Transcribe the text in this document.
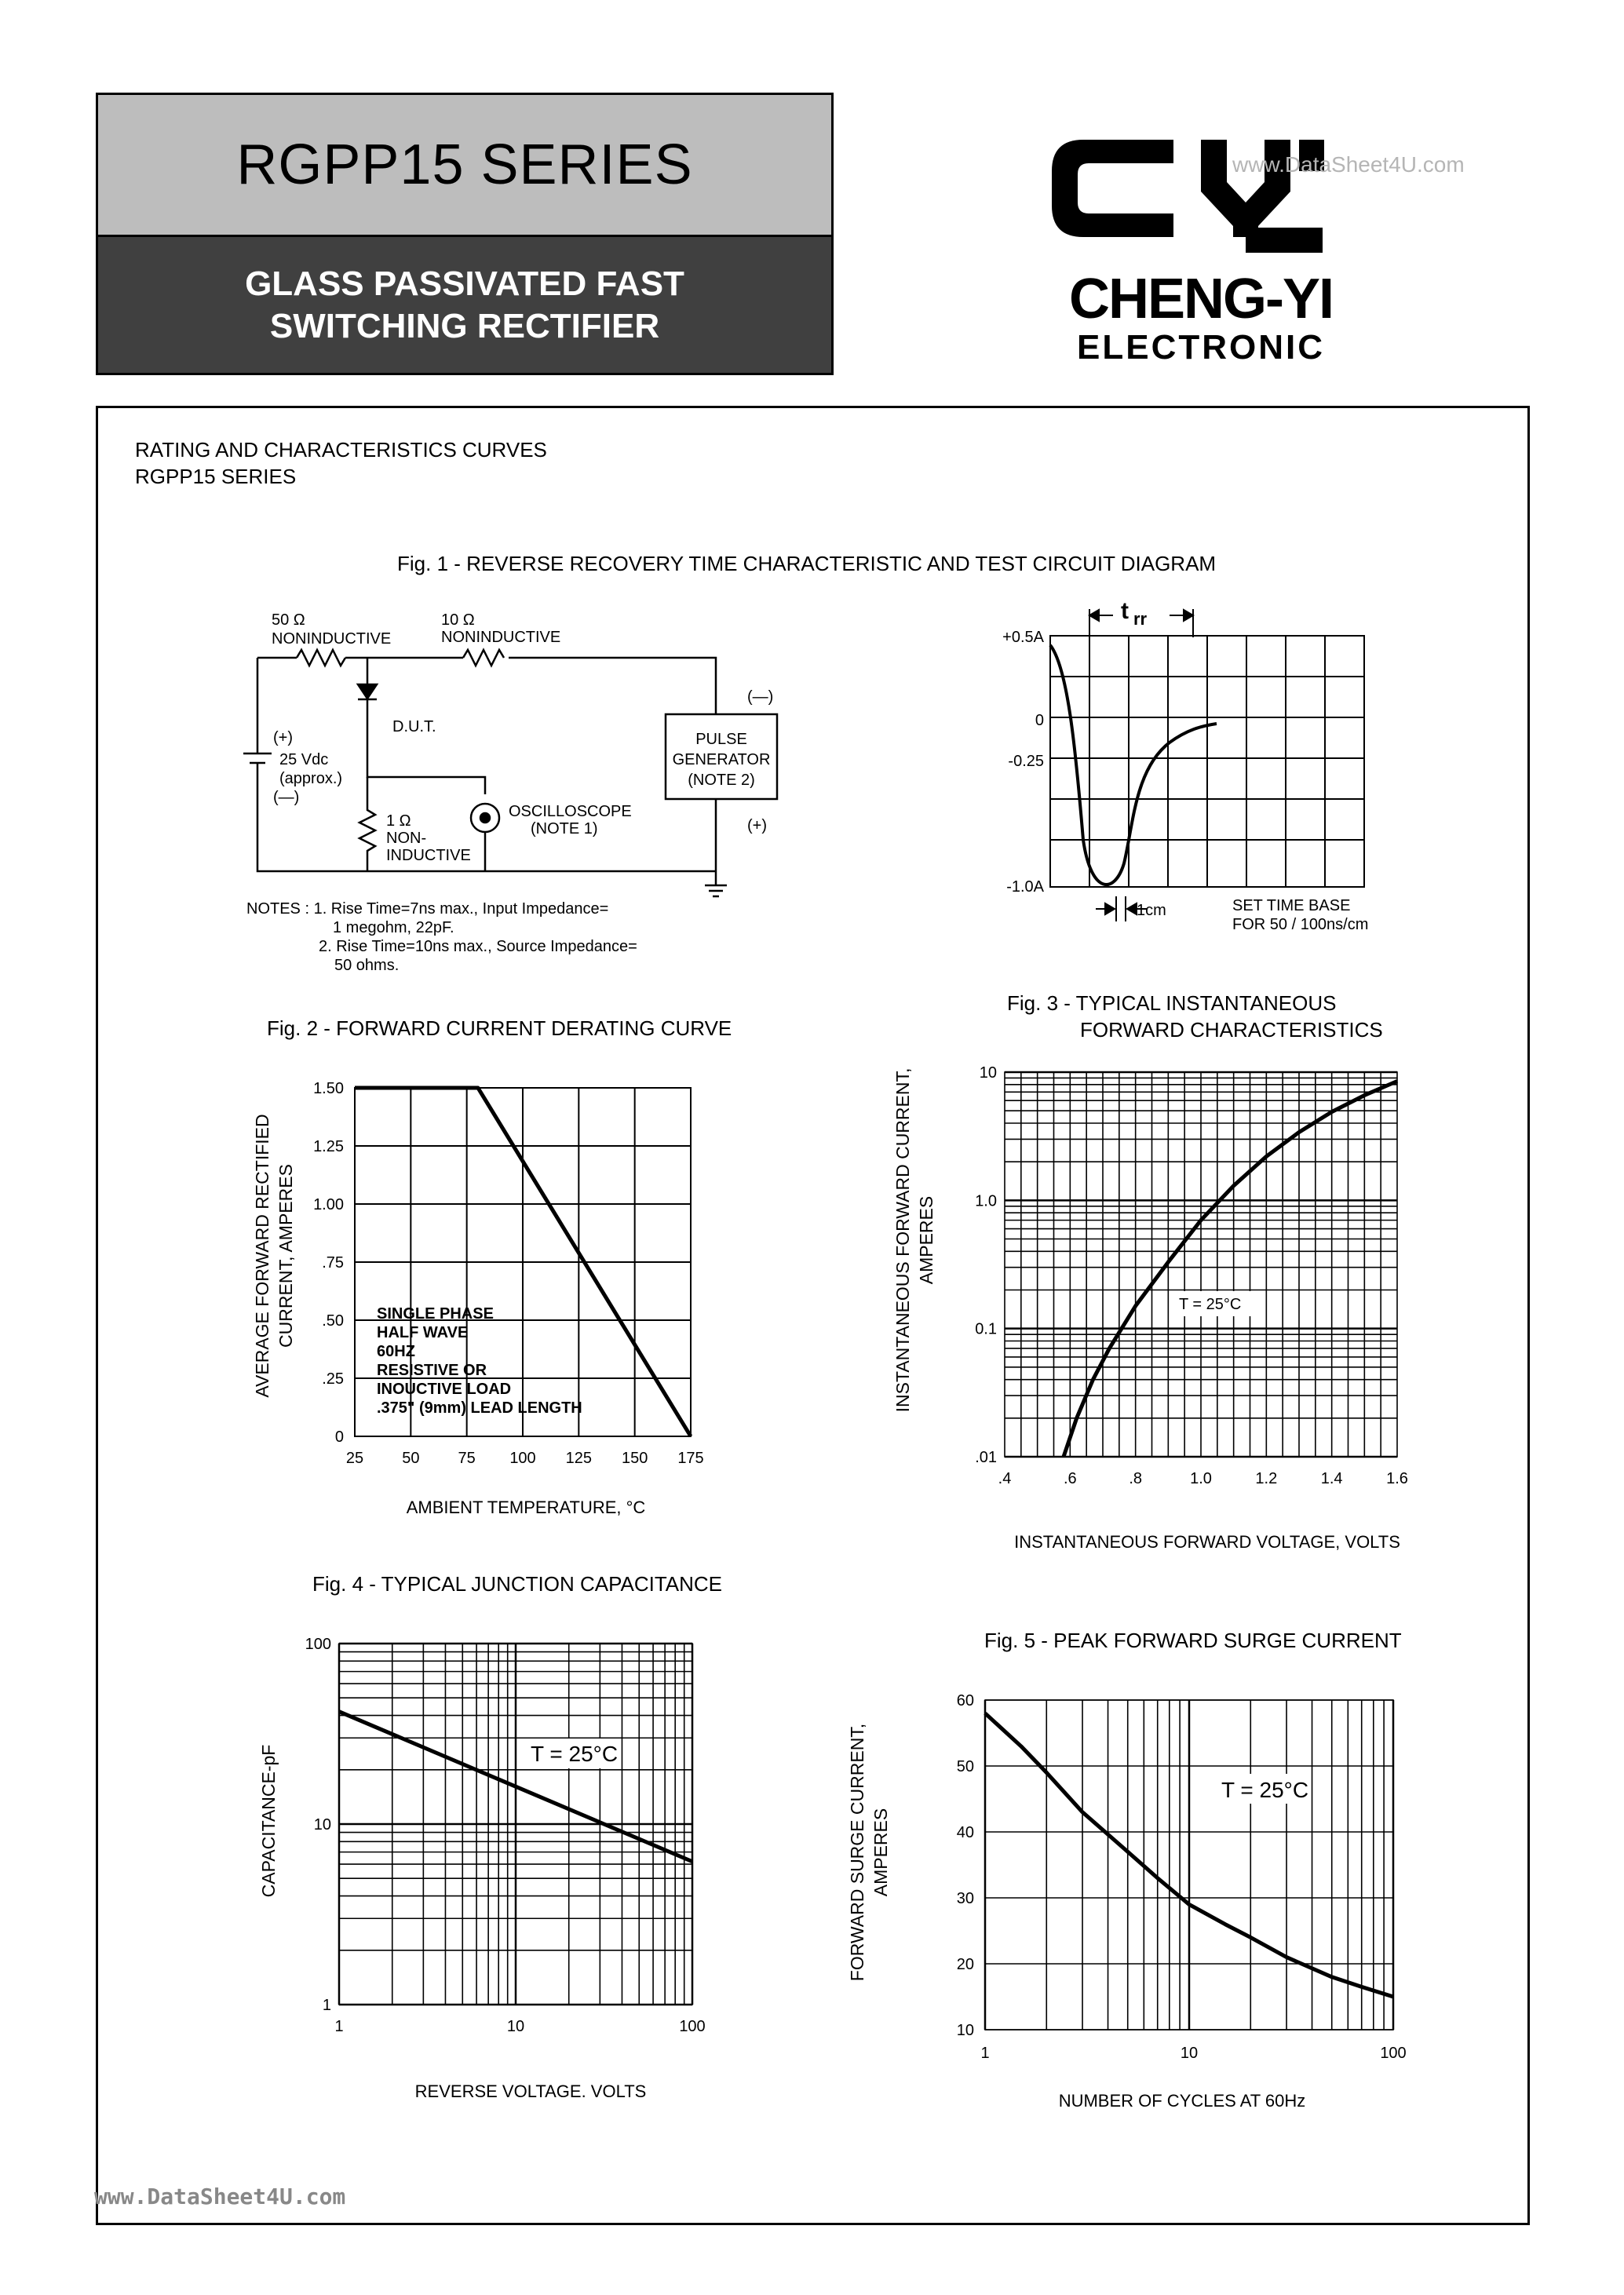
RGPP15 SERIES
GLASS PASSIVATED FAST
SWITCHING RECTIFIER
www.DataSheet4U.com
CHENG-YI
ELECTRONIC
RATING AND CHARACTERISTICS CURVES
RGPP15 SERIES
Fig. 1 - REVERSE RECOVERY TIME CHARACTERISTIC AND TEST CIRCUIT DIAGRAM
50 Ω
NONINDUCTIVE
10 Ω
NONINDUCTIVE
D.U.T.
(+)
25 Vdc
(approx.)
(—)
1 Ω
NON-
INDUCTIVE
OSCILLOSCOPE
(NOTE 1)
(—)
PULSE
GENERATOR
(NOTE 2)
(+)
NOTES : 1. Rise Time=7ns max., Input Impedance=
1 megohm, 22pF.
2. Rise Time=10ns max., Source Impedance=
50 ohms.
t rr
+0.5A
0
-0.25
-1.0A
1cm	SET TIME BASE
FOR 50 / 100ns/cm
Fig. 2 - FORWARD CURRENT DERATING CURVE
25 50 75 100 125 150 175
0
.25
.50
.75
1.00
1.25
1.50
AVERAGE FORWARD RECTIFIED CURRENT, AMPERES
AMBIENT TEMPERATURE, °C
SINGLE PHASE
HALF WAVE
60HZ
RESISTIVE OR
INOUCTIVE LOAD
.375" (9mm) LEAD LENGTH
Fig. 3 - TYPICAL INSTANTANEOUS
FORWARD CHARACTERISTICS
.4	.6	.8	1.0	1.2	1.4	1.6
.01
0.1
1.0
10
INSTANTANEOUS FORWARD CURRENT, AMPERES
INSTANTANEOUS FORWARD VOLTAGE, VOLTS
T = 25°C
Fig. 4 - TYPICAL JUNCTION CAPACITANCE
1	10	100
1
10
100
CAPACITANCE-pF
REVERSE VOLTAGE. VOLTS
T = 25°C
Fig. 5 - PEAK FORWARD SURGE CURRENT
1	10	100
10
20
30
40
50
60
FORWARD SURGE CURRENT, AMPERES
NUMBER OF CYCLES AT 60Hz
T = 25°C
www.DataSheet4U.com
